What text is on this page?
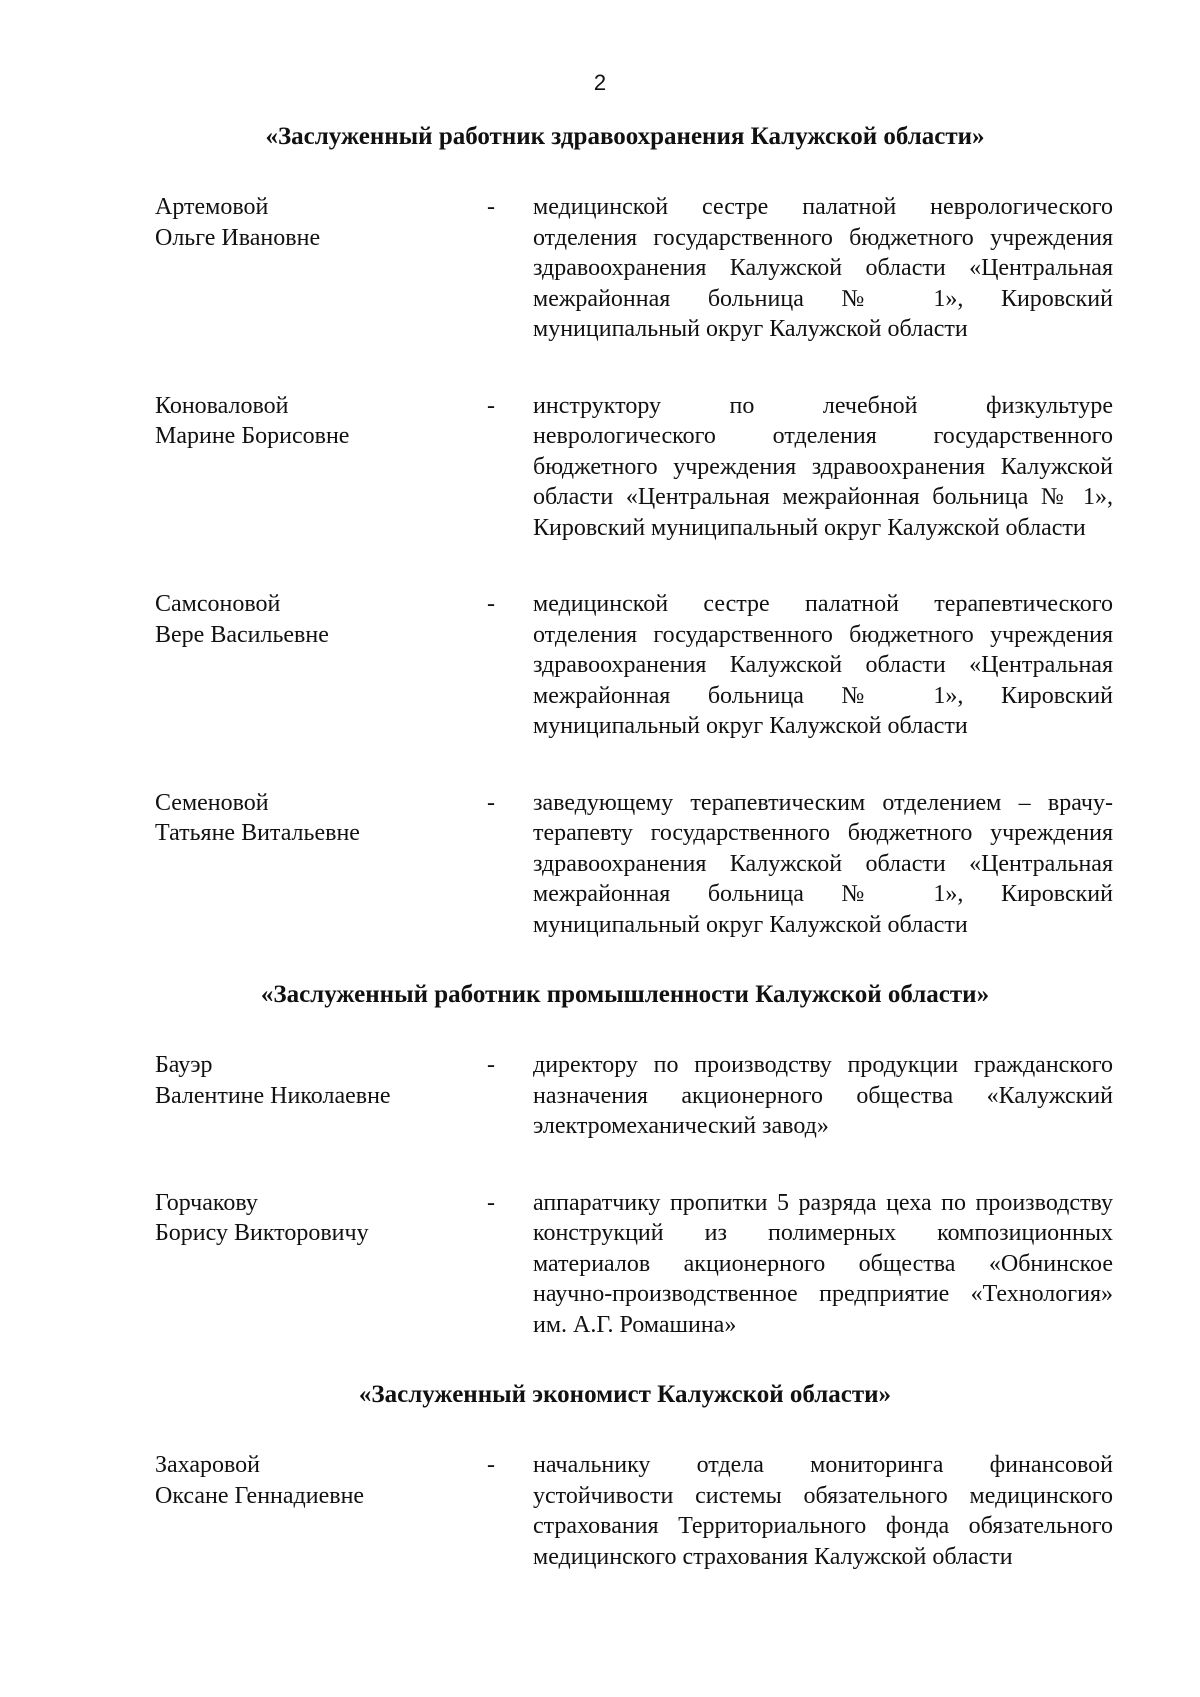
2
«Заслуженный работник здравоохранения Калужской области»
Артемовой
Ольге Ивановне
-	медицинской сестре палатной неврологического отделения государственного бюджетного учреждения здравоохранения Калужской области «Центральная межрайонная больница № 1», Кировский муниципальный округ Калужской области
Коноваловой
Марине Борисовне
-	инструктору по лечебной физкультуре неврологического отделения государственного бюджетного учреждения здравоохранения Калужской области «Центральная межрайонная больница № 1», Кировский муниципальный округ Калужской области
Самсоновой
Вере Васильевне
-	медицинской сестре палатной терапевтического отделения государственного бюджетного учреждения здравоохранения Калужской области «Центральная межрайонная больница № 1», Кировский муниципальный округ Калужской области
Семеновой
Татьяне Витальевне
-	заведующему терапевтическим отделением – врачу-терапевту государственного бюджетного учреждения здравоохранения Калужской области «Центральная межрайонная больница № 1», Кировский муниципальный округ Калужской области
«Заслуженный работник промышленности Калужской области»
Бауэр
Валентине Николаевне
-	директору по производству продукции гражданского назначения акционерного общества «Калужский электромеханический завод»
Горчакову
Борису Викторовичу
-	аппаратчику пропитки 5 разряда цеха по производству конструкций из полимерных композиционных материалов акционерного общества «Обнинское научно-производственное предприятие «Технология» им. А.Г. Ромашина»
«Заслуженный экономист Калужской области»
Захаровой
Оксане Геннадиевне
-	начальнику отдела мониторинга финансовой устойчивости системы обязательного медицинского страхования Территориального фонда обязательного медицинского страхования Калужской области
